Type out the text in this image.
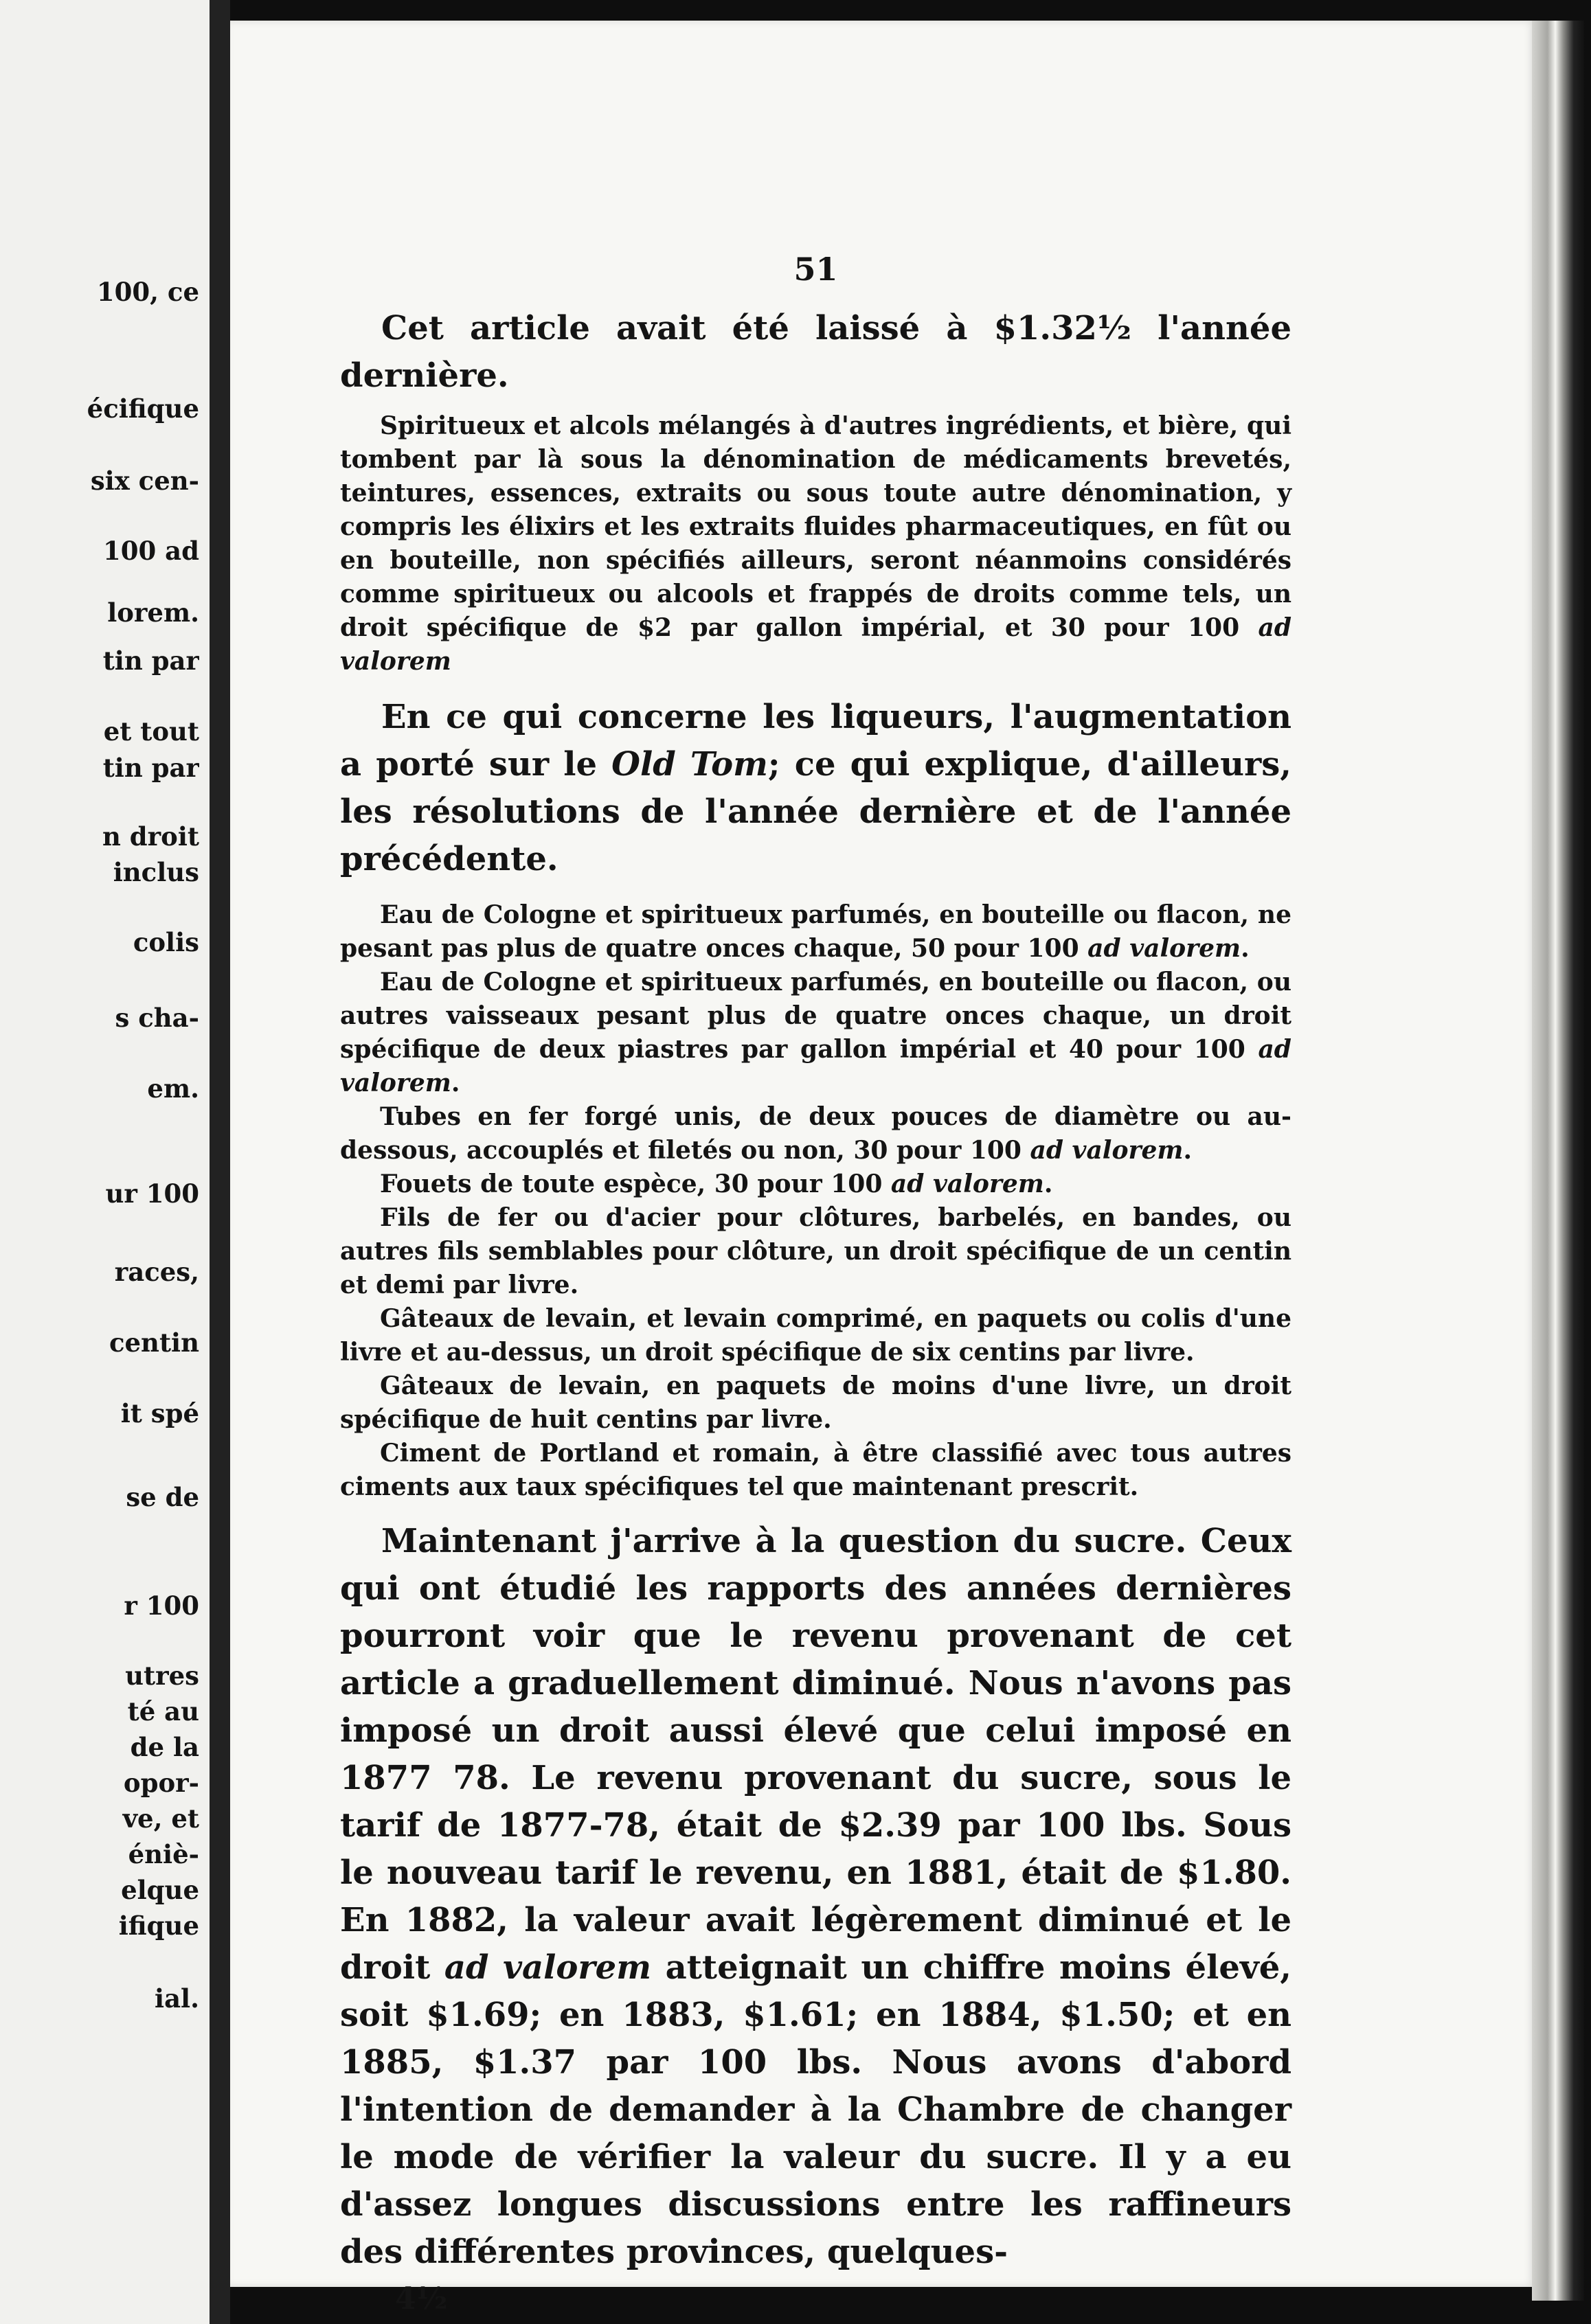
100, ce
écifique
six cen-
100 ad
lorem.
tin par
et tout
tin par
n droit
inclus
colis
s cha-
em.
ur 100
races,
centin
it spé
se de
r 100
utres
té au
de la
opor-
ve, et
éniè-
elque
ifique
ial.
51

Cet article avait été laissé à $1.32½ l'année dernière.

Spiritueux et alcols mélangés à d'autres ingrédients, et bière, qui tombent par là sous la dénomination de médicaments brevetés, teintures, essences, extraits ou sous toute autre dénomination, y compris les élixirs et les extraits fluides pharmaceutiques, en fût ou en bouteille, non spécifiés ailleurs, seront néanmoins considérés comme spiritueux ou alcools et frappés de droits comme tels, un droit spécifique de $2 par gallon impérial, et 30 pour 100 ad valorem

En ce qui concerne les liqueurs, l'augmentation a porté sur le Old Tom; ce qui explique, d'ailleurs, les résolutions de l'année dernière et de l'année précédente.

Eau de Cologne et spiritueux parfumés, en bouteille ou flacon, ne pesant pas plus de quatre onces chaque, 50 pour 100 ad valorem.

Eau de Cologne et spiritueux parfumés, en bouteille ou flacon, ou autres vaisseaux pesant plus de quatre onces chaque, un droit spécifique de deux piastres par gallon impérial et 40 pour 100 ad valorem.

Tubes en fer forgé unis, de deux pouces de diamètre ou au-dessous, accouplés et filetés ou non, 30 pour 100 ad valorem.

Fouets de toute espèce, 30 pour 100 ad valorem.

Fils de fer ou d'acier pour clôtures, barbelés, en bandes, ou autres fils semblables pour clôture, un droit spécifique de un centin et demi par livre.

Gâteaux de levain, et levain comprimé, en paquets ou colis d'une livre et au-dessus, un droit spécifique de six centins par livre.

Gâteaux de levain, en paquets de moins d'une livre, un droit spécifique de huit centins par livre.

Ciment de Portland et romain, à être classifié avec tous autres ciments aux taux spécifiques tel que maintenant prescrit.

Maintenant j'arrive à la question du sucre. Ceux qui ont étudié les rapports des années dernières pourront voir que le revenu provenant de cet article a graduellement diminué. Nous n'avons pas imposé un droit aussi élevé que celui imposé en 1877 78. Le revenu provenant du sucre, sous le tarif de 1877-78, était de $2.39 par 100 lbs. Sous le nouveau tarif le revenu, en 1881, était de $1.80. En 1882, la valeur avait légèrement diminué et le droit ad valorem atteignait un chiffre moins élevé, soit $1.69; en 1883, $1.61; en 1884, $1.50; et en 1885, $1.37 par 100 lbs. Nous avons d'abord l'intention de demander à la Chambre de changer le mode de vérifier la valeur du sucre. Il y a eu d'assez longues discussions entre les raffineurs des différentes provinces, quelques-

4½
